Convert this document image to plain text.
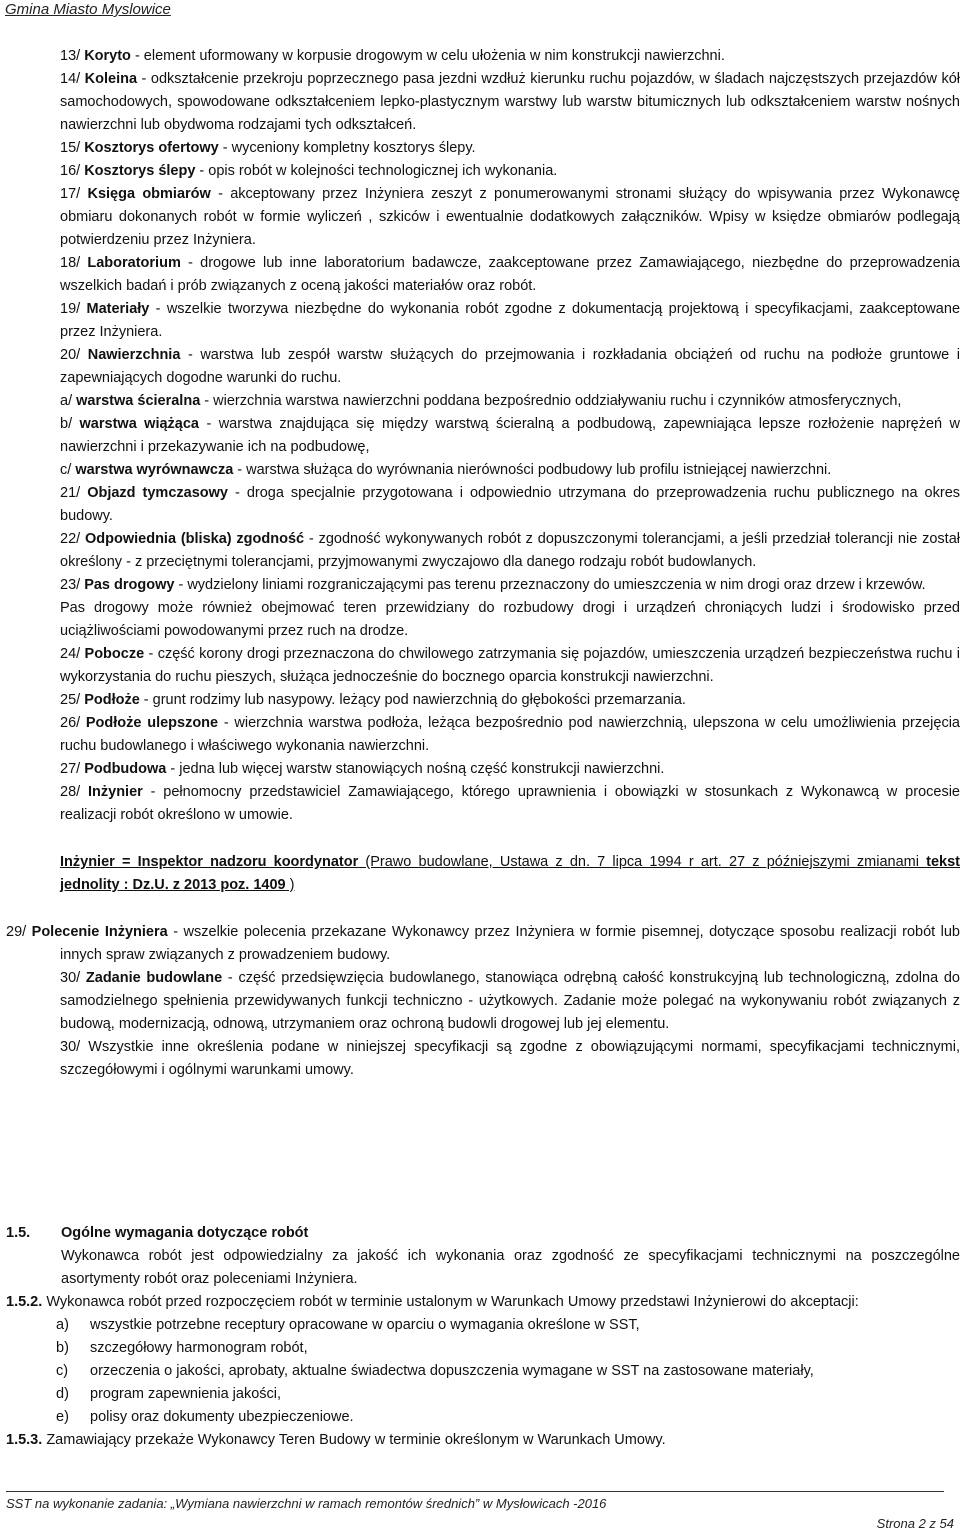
Gmina Miasto Myslowice

13/ Koryto - element uformowany w korpusie drogowym w celu ułożenia w nim konstrukcji nawierzchni.

14/ Koleina - odkształcenie przekroju poprzecznego pasa jezdni wzdłuż kierunku ruchu pojazdów, w śladach najczęstszych przejazdów kół samochodowych, spowodowane odkształceniem lepko-plastycznym warstwy lub warstw bitumicznych lub odkształceniem warstw nośnych nawierzchni lub obydwoma rodzajami tych odkształceń.

15/ Kosztorys ofertowy - wyceniony kompletny kosztorys ślepy.

16/ Kosztorys ślepy - opis robót w kolejności technologicznej ich wykonania.

17/ Księga obmiarów - akceptowany przez Inżyniera zeszyt z ponumerowanymi stronami służący do wpisywania przez Wykonawcę obmiaru dokonanych robót w formie wyliczeń , szkiców i ewentualnie dodatkowych załączników. Wpisy w księdze obmiarów podlegają potwierdzeniu przez Inżyniera.

18/ Laboratorium - drogowe lub inne laboratorium badawcze, zaakceptowane przez Zamawiającego, niezbędne do przeprowadzenia wszelkich badań i prób związanych z oceną jakości materiałów oraz robót.

19/ Materiały - wszelkie tworzywa niezbędne do wykonania robót zgodne z dokumentacją projektową i specyfikacjami, zaakceptowane przez Inżyniera.

20/ Nawierzchnia - warstwa lub zespół warstw służących do przejmowania i rozkładania obciążeń od ruchu na podłoże gruntowe i zapewniających dogodne warunki do ruchu.

a/ warstwa ścieralna - wierzchnia warstwa nawierzchni poddana bezpośrednio oddziaływaniu ruchu i czynników atmosferycznych,

b/ warstwa wiążąca - warstwa znajdująca się między warstwą ścieralną a podbudową, zapewniająca lepsze rozłożenie naprężeń w nawierzchni i przekazywanie ich na podbudowę,

c/ warstwa wyrównawcza - warstwa służąca do wyrównania nierówności podbudowy lub profilu istniejącej nawierzchni.

21/ Objazd tymczasowy - droga specjalnie przygotowana i odpowiednio utrzymana do przeprowadzenia ruchu publicznego na okres budowy.

22/ Odpowiednia (bliska) zgodność - zgodność wykonywanych robót z dopuszczonymi tolerancjami, a jeśli przedział tolerancji nie został określony - z przeciętnymi tolerancjami, przyjmowanymi zwyczajowo dla danego rodzaju robót budowlanych.

23/ Pas drogowy - wydzielony liniami rozgraniczającymi pas terenu przeznaczony do umieszczenia w nim drogi oraz drzew i krzewów.

Pas drogowy może również obejmować teren przewidziany do rozbudowy drogi i urządzeń chroniących ludzi i środowisko przed uciążliwościami powodowanymi przez ruch na drodze.

24/ Pobocze - część korony drogi przeznaczona do chwilowego zatrzymania się pojazdów, umieszczenia urządzeń bezpieczeństwa ruchu i wykorzystania do ruchu pieszych, służąca jednocześnie do bocznego oparcia konstrukcji nawierzchni.

25/ Podłoże - grunt rodzimy lub nasypowy. leżący pod nawierzchnią do głębokości przemarzania.

26/ Podłoże ulepszone - wierzchnia warstwa podłoża, leżąca bezpośrednio pod nawierzchnią, ulepszona w celu umożliwienia przejęcia ruchu budowlanego i właściwego wykonania nawierzchni.

27/ Podbudowa - jedna lub więcej warstw stanowiących nośną część konstrukcji nawierzchni.

28/ Inżynier - pełnomocny przedstawiciel Zamawiającego, którego uprawnienia i obowiązki w stosunkach z Wykonawcą w procesie realizacji robót określono w umowie.

Inżynier = Inspektor nadzoru koordynator (Prawo budowlane, Ustawa z dn. 7 lipca 1994 r art. 27 z późniejszymi zmianami tekst jednolity : Dz.U. z 2013 poz. 1409 )

29/ Polecenie Inżyniera - wszelkie polecenia przekazane Wykonawcy przez Inżyniera w formie pisemnej, dotyczące sposobu realizacji robót lub innych spraw związanych z prowadzeniem budowy.

30/ Zadanie budowlane - część przedsięwzięcia budowlanego, stanowiąca odrębną całość konstrukcyjną lub technologiczną, zdolna do samodzielnego spełnienia przewidywanych funkcji techniczno - użytkowych. Zadanie może polegać na wykonywaniu robót związanych z budową, modernizacją, odnową, utrzymaniem oraz ochroną budowli drogowej lub jej elementu.

30/ Wszystkie inne określenia podane w niniejszej specyfikacji są zgodne z obowiązującymi normami, specyfikacjami technicznymi, szczegółowymi i ogólnymi warunkami umowy.

1.5. Ogólne wymagania dotyczące robót

Wykonawca robót jest odpowiedzialny za jakość ich wykonania oraz zgodność ze specyfikacjami technicznymi na poszczególne asortymenty robót oraz poleceniami Inżyniera.

1.5.2. Wykonawca robót przed rozpoczęciem robót w terminie ustalonym w Warunkach Umowy przedstawi Inżynierowi do akceptacji:

a) wszystkie potrzebne receptury opracowane w oparciu o wymagania określone w SST,

b) szczegółowy harmonogram robót,

c) orzeczenia o jakości, aprobaty, aktualne świadectwa dopuszczenia wymagane w SST na zastosowane materiały,

d) program zapewnienia jakości,

e) polisy oraz dokumenty ubezpieczeniowe.

1.5.3. Zamawiający przekaże Wykonawcy Teren Budowy w terminie określonym w Warunkach Umowy.

SST na wykonanie zadania: „Wymiana nawierzchni w ramach remontów średnich” w Mysłowicach -2016
Strona 2 z 54
